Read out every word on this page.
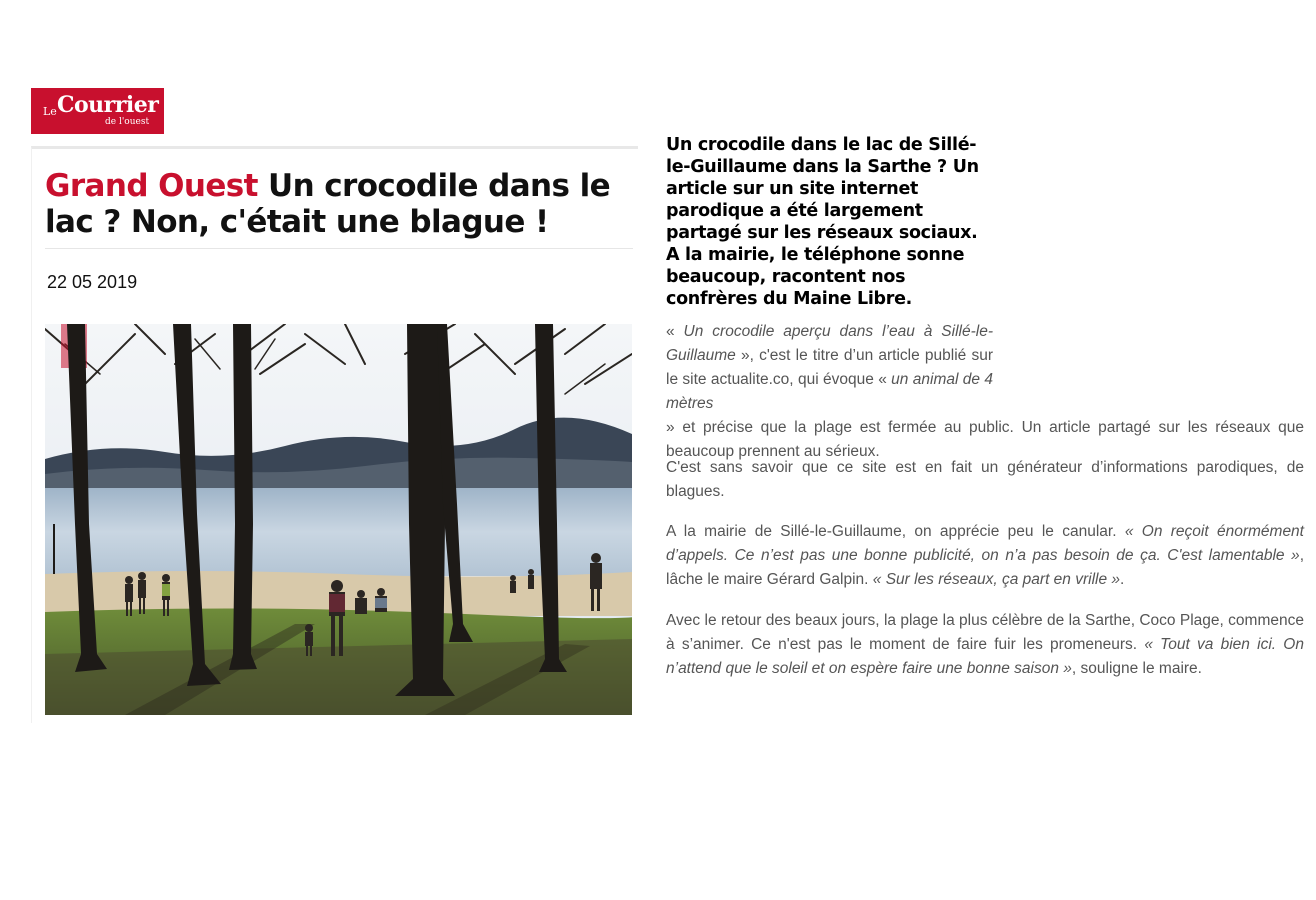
Le Courrier
de l'ouest
Grand Ouest Un crocodile dans le lac ? Non, c'était une blague !
22 05 2019
Un crocodile dans le lac de Sillé-le-Guillaume dans la Sarthe ? Un article sur un site internet parodique a été largement partagé sur les réseaux sociaux. A la mairie, le téléphone sonne beaucoup, racontent nos confrères du Maine Libre.

« Un crocodile aperçu dans l’eau à Sillé-le-Guillaume », c'est le titre d’un article publié sur le site actualite.co, qui évoque « un animal de 4 mètres
» et précise que la plage est fermée au public. Un article partagé sur les réseaux que beaucoup prennent au sérieux.

C'est sans savoir que ce site est en fait un générateur d’informations parodiques, de blagues.

A la mairie de Sillé-le-Guillaume, on apprécie peu le canular. « On reçoit énormément d’appels. Ce n’est pas une bonne publicité, on n’a pas besoin de ça. C'est lamentable », lâche le maire Gérard Galpin. « Sur les réseaux, ça part en vrille ».

Avec le retour des beaux jours, la plage la plus célèbre de la Sarthe, Coco Plage, commence à s’animer. Ce n'est pas le moment de faire fuir les promeneurs. « Tout va bien ici. On n’attend que le soleil et on espère faire une bonne saison », souligne le maire.
